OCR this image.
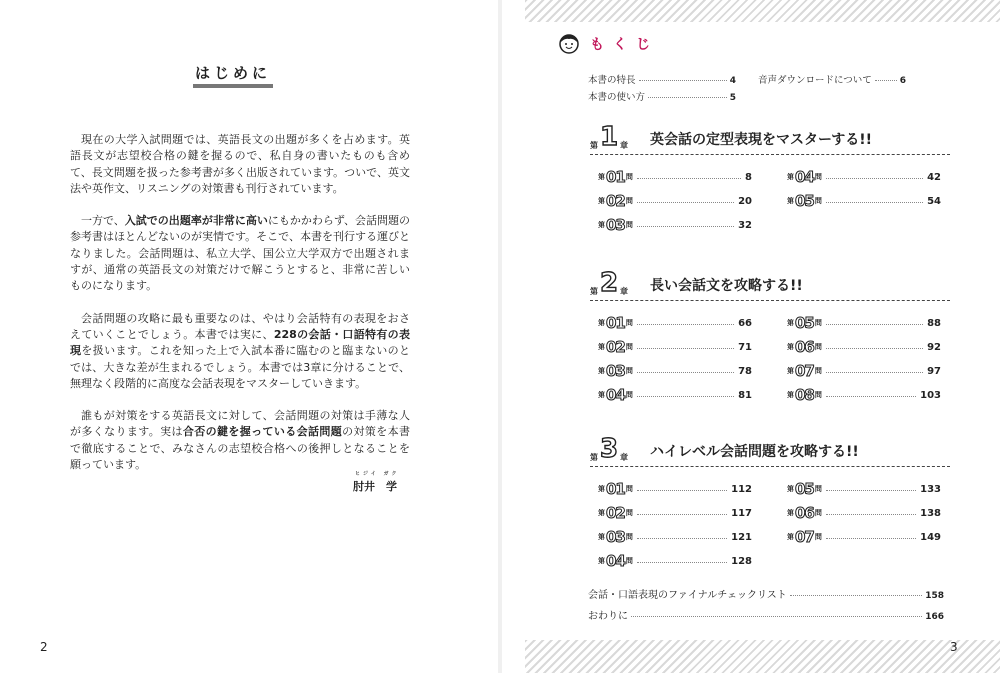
はじめに

現在の大学入試問題では、英語長文の出題が多くを占めます。英語長文が志望校合格の鍵を握るので、私自身の書いたものも含めて、長文問題を扱った参考書が多く出版されています。ついで、英文法や英作文、リスニングの対策書も刊行されています。

一方で、入試での出題率が非常に高いにもかかわらず、会話問題の参考書はほとんどないのが実情です。そこで、本書を刊行する運びとなりました。会話問題は、私立大学、国公立大学双方で出題されますが、通常の英語長文の対策だけで解こうとすると、非常に苦しいものになります。

会話問題の攻略に最も重要なのは、やはり会話特有の表現をおさえていくことでしょう。本書では実に、228の会話・口語特有の表現を扱います。これを知った上で入試本番に臨むのと臨まないのとでは、大きな差が生まれるでしょう。本書では3章に分けることで、無理なく段階的に高度な会話表現をマスターしていきます。

誰もが対策をする英語長文に対して、会話問題の対策は手薄な人が多くなります。実は合否の鍵を握っている会話問題の対策を本書で徹底することで、みなさんの志望校合格への後押しとなることを願っています。

ヒジイ ガク
肘井　学
2	3
もくじ
本書の特長	4 音声ダウンロードについて	6
本書の使い方	5
第 1 章 英会話の定型表現をマスターする!!
第 01 問	8
第 02 問	20
第 03 問	32
第 04 問	42
第 05 問	54
第 2 章 長い会話文を攻略する!!
第 01 問	66
第 02 問	71
第 03 問	78
第 04 問	81
第 05 問	88
第 06 問	92
第 07 問	97
第 08 問	103
第 3 章 ハイレベル会話問題を攻略する!!
第 01 問	112
第 02 問	117
第 03 問	121
第 04 問	128
第 05 問	133
第 06 問	138
第 07 問	149
会話・口語表現のファイナルチェックリスト	158
おわりに	166
